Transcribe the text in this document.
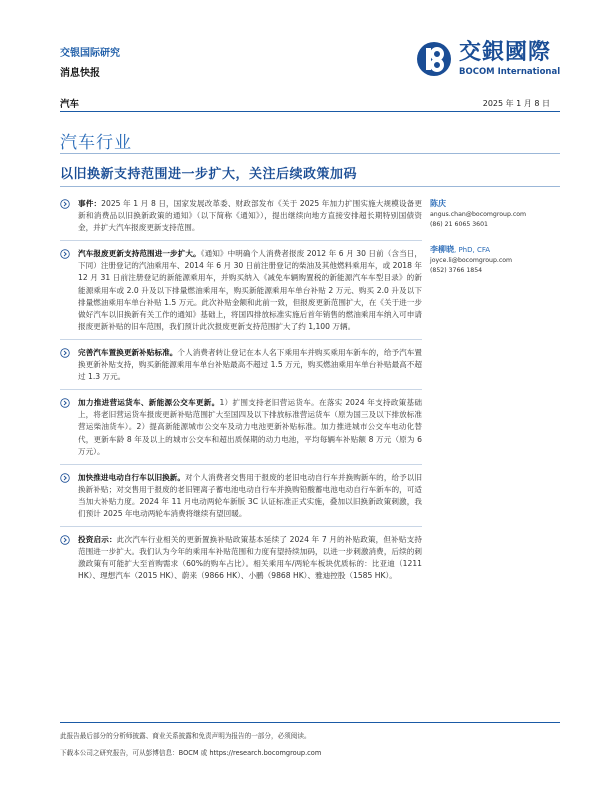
交银国际研究
消息快报
交銀國際
BOCOM International
汽车	2025 年 1 月 8 日
汽车行业
以旧换新支持范围进一步扩大，关注后续政策加码
事件：2025 年 1 月 8 日，国家发展改革委、财政部发布《关于 2025 年加力扩围实施大规模设备更新和消费品以旧换新政策的通知》（以下简称《通知》），提出继续向地方直接安排超长期特别国债资金，并扩大汽车报废更新支持范围。
汽车报废更新支持范围进一步扩大。《通知》中明确个人消费者报废 2012 年 6 月 30 日前（含当日，下同）注册登记的汽油乘用车、2014 年 6 月 30 日前注册登记的柴油及其他燃料乘用车，或 2018 年 12 月 31 日前注册登记的新能源乘用车，并购买纳入《减免车辆购置税的新能源汽车车型目录》的新能源乘用车或 2.0 升及以下排量燃油乘用车，购买新能源乘用车单台补贴 2 万元、购买 2.0 升及以下排量燃油乘用车单台补贴 1.5 万元。此次补贴金额和此前一致，但报废更新范围扩大，在《关于进一步做好汽车以旧换新有关工作的通知》基础上，将国四排放标准实施后首年销售的燃油乘用车纳入可申请报废更新补贴的旧车范围，我们预计此次报废更新支持范围扩大了约 1,100 万辆。
完善汽车置换更新补贴标准。个人消费者转让登记在本人名下乘用车并购买乘用车新车的，给予汽车置换更新补贴支持，购买新能源乘用车单台补贴最高不超过 1.5 万元，购买燃油乘用车单台补贴最高不超过 1.3 万元。
加力推进营运货车、新能源公交车更新。1）扩围支持老旧营运货车。在落实 2024 年支持政策基础上，将老旧营运货车报废更新补贴范围扩大至国四及以下排放标准营运货车（原为国三及以下排放标准营运柴油货车）。2）提高新能源城市公交车及动力电池更新补贴标准。加力推进城市公交车电动化替代，更新车龄 8 年及以上的城市公交车和超出质保期的动力电池，平均每辆车补贴额 8 万元（原为 6 万元）。
加快推进电动自行车以旧换新。对个人消费者交售用于报废的老旧电动自行车并换购新车的，给予以旧换新补贴；对交售用于报废的老旧锂离子蓄电池电动自行车并换购铅酸蓄电池电动自行车新车的，可适当加大补贴力度。2024 年 11 月电动两轮车新版 3C 认证标准正式实施，叠加以旧换新政策刺激，我们预计 2025 年电动两轮车消费将继续有望回暖。
投资启示：此次汽车行业相关的更新置换补贴政策基本延续了 2024 年 7 月的补贴政策，但补贴支持范围进一步扩大。我们认为今年的乘用车补贴范围和力度有望持续加码，以进一步刺激消费，后续的刺激政策有可能扩大至首购需求（60%的购车占比）。相关乘用车/两轮车板块优质标的：比亚迪（1211 HK）、理想汽车（2015 HK）、蔚来（9866 HK）、小鹏（9868 HK）、雅迪控股（1585 HK）。
陈庆
angus.chan@bocomgroup.com
(86) 21 6065 3601
李柳晓, PhD, CFA
joyce.li@bocomgroup.com
(852) 3766 1854
此报告最后部分的分析师披露、商业关系披露和免责声明为报告的一部分，必须阅读。
下载本公司之研究报告，可从彭博信息：BOCM 或 https://research.bocomgroup.com
